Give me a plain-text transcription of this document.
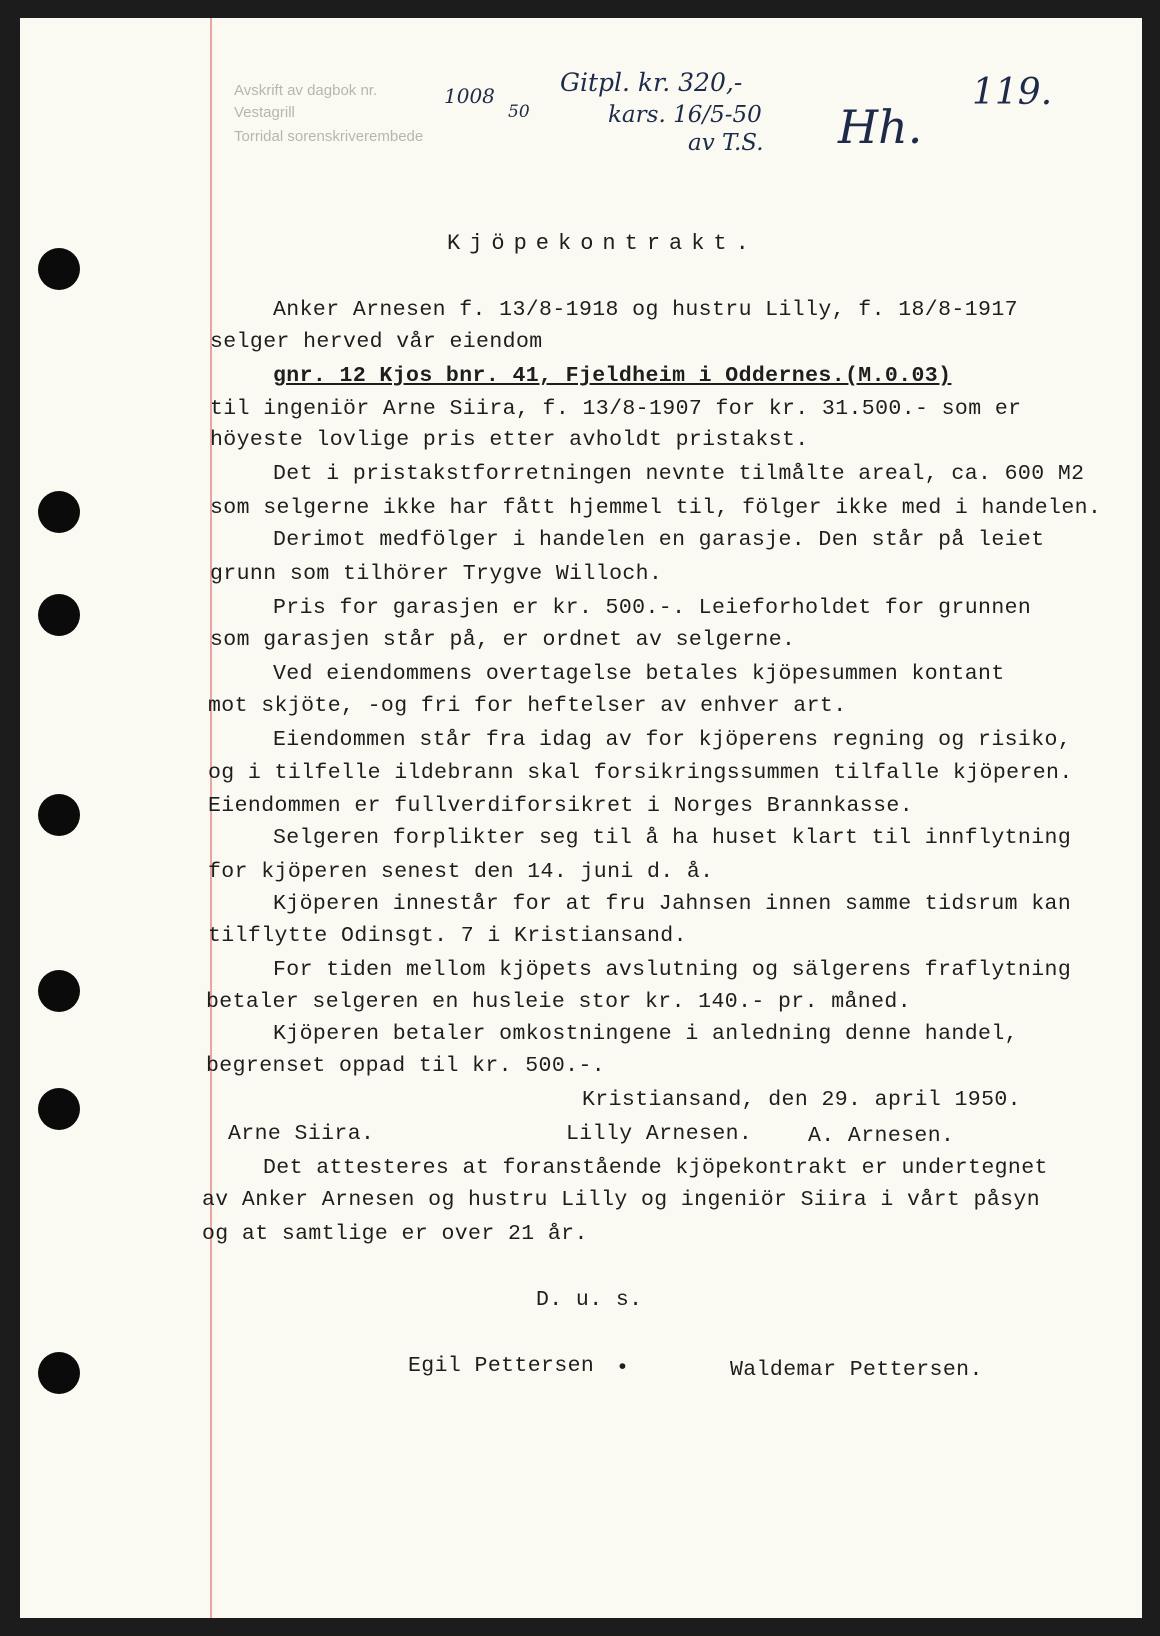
Avskrift av dagbok nr.
Vestagrill
Torridal sorenskriverembede
1008
50
Gitpl. kr. 320,-
kars. 16/5-50
av T.S. Hh.
119.
Kjöpekontrakt.
Anker Arnesen f. 13/8-1918 og hustru Lilly, f. 18/8-1917
selger herved vår eiendom
gnr. 12 Kjos bnr. 41, Fjeldheim i Oddernes.(M.0.03)
til ingeniör Arne Siira, f. 13/8-1907 for kr. 31.500.- som er
höyeste lovlige pris etter avholdt pristakst.
Det i pristakstforretningen nevnte tilmålte areal, ca. 600 M2
som selgerne ikke har fått hjemmel til, fölger ikke med i handelen.
Derimot medfölger i handelen en garasje. Den står på leiet
grunn som tilhörer Trygve Willoch.
Pris for garasjen er kr. 500.-. Leieforholdet for grunnen
som garasjen står på, er ordnet av selgerne.
Ved eiendommens overtagelse betales kjöpesummen kontant
mot skjöte, -og fri for heftelser av enhver art.
Eiendommen står fra idag av for kjöperens regning og risiko,
og i tilfelle ildebrann skal forsikringssummen tilfalle kjöperen.
Eiendommen er fullverdiforsikret i Norges Brannkasse.
Selgeren forplikter seg til å ha huset klart til innflytning
for kjöperen senest den 14. juni d. å.
Kjöperen innestår for at fru Jahnsen innen samme tidsrum kan
tilflytte Odinsgt. 7 i Kristiansand.
For tiden mellom kjöpets avslutning og sälgerens fraflytning
betaler selgeren en husleie stor kr. 140.- pr. måned.
Kjöperen betaler omkostningene i anledning denne handel,
begrenset oppad til kr. 500.-.
Kristiansand, den 29. april 1950.
Arne Siira.	Lilly Arnesen.	A. Arnesen.
Det attesteres at foranstående kjöpekontrakt er undertegnet
av Anker Arnesen og hustru Lilly og ingeniör Siira i vårt påsyn
og at samtlige er over 21 år.
D. u. s.
Egil Pettersen •	Waldemar Pettersen.
